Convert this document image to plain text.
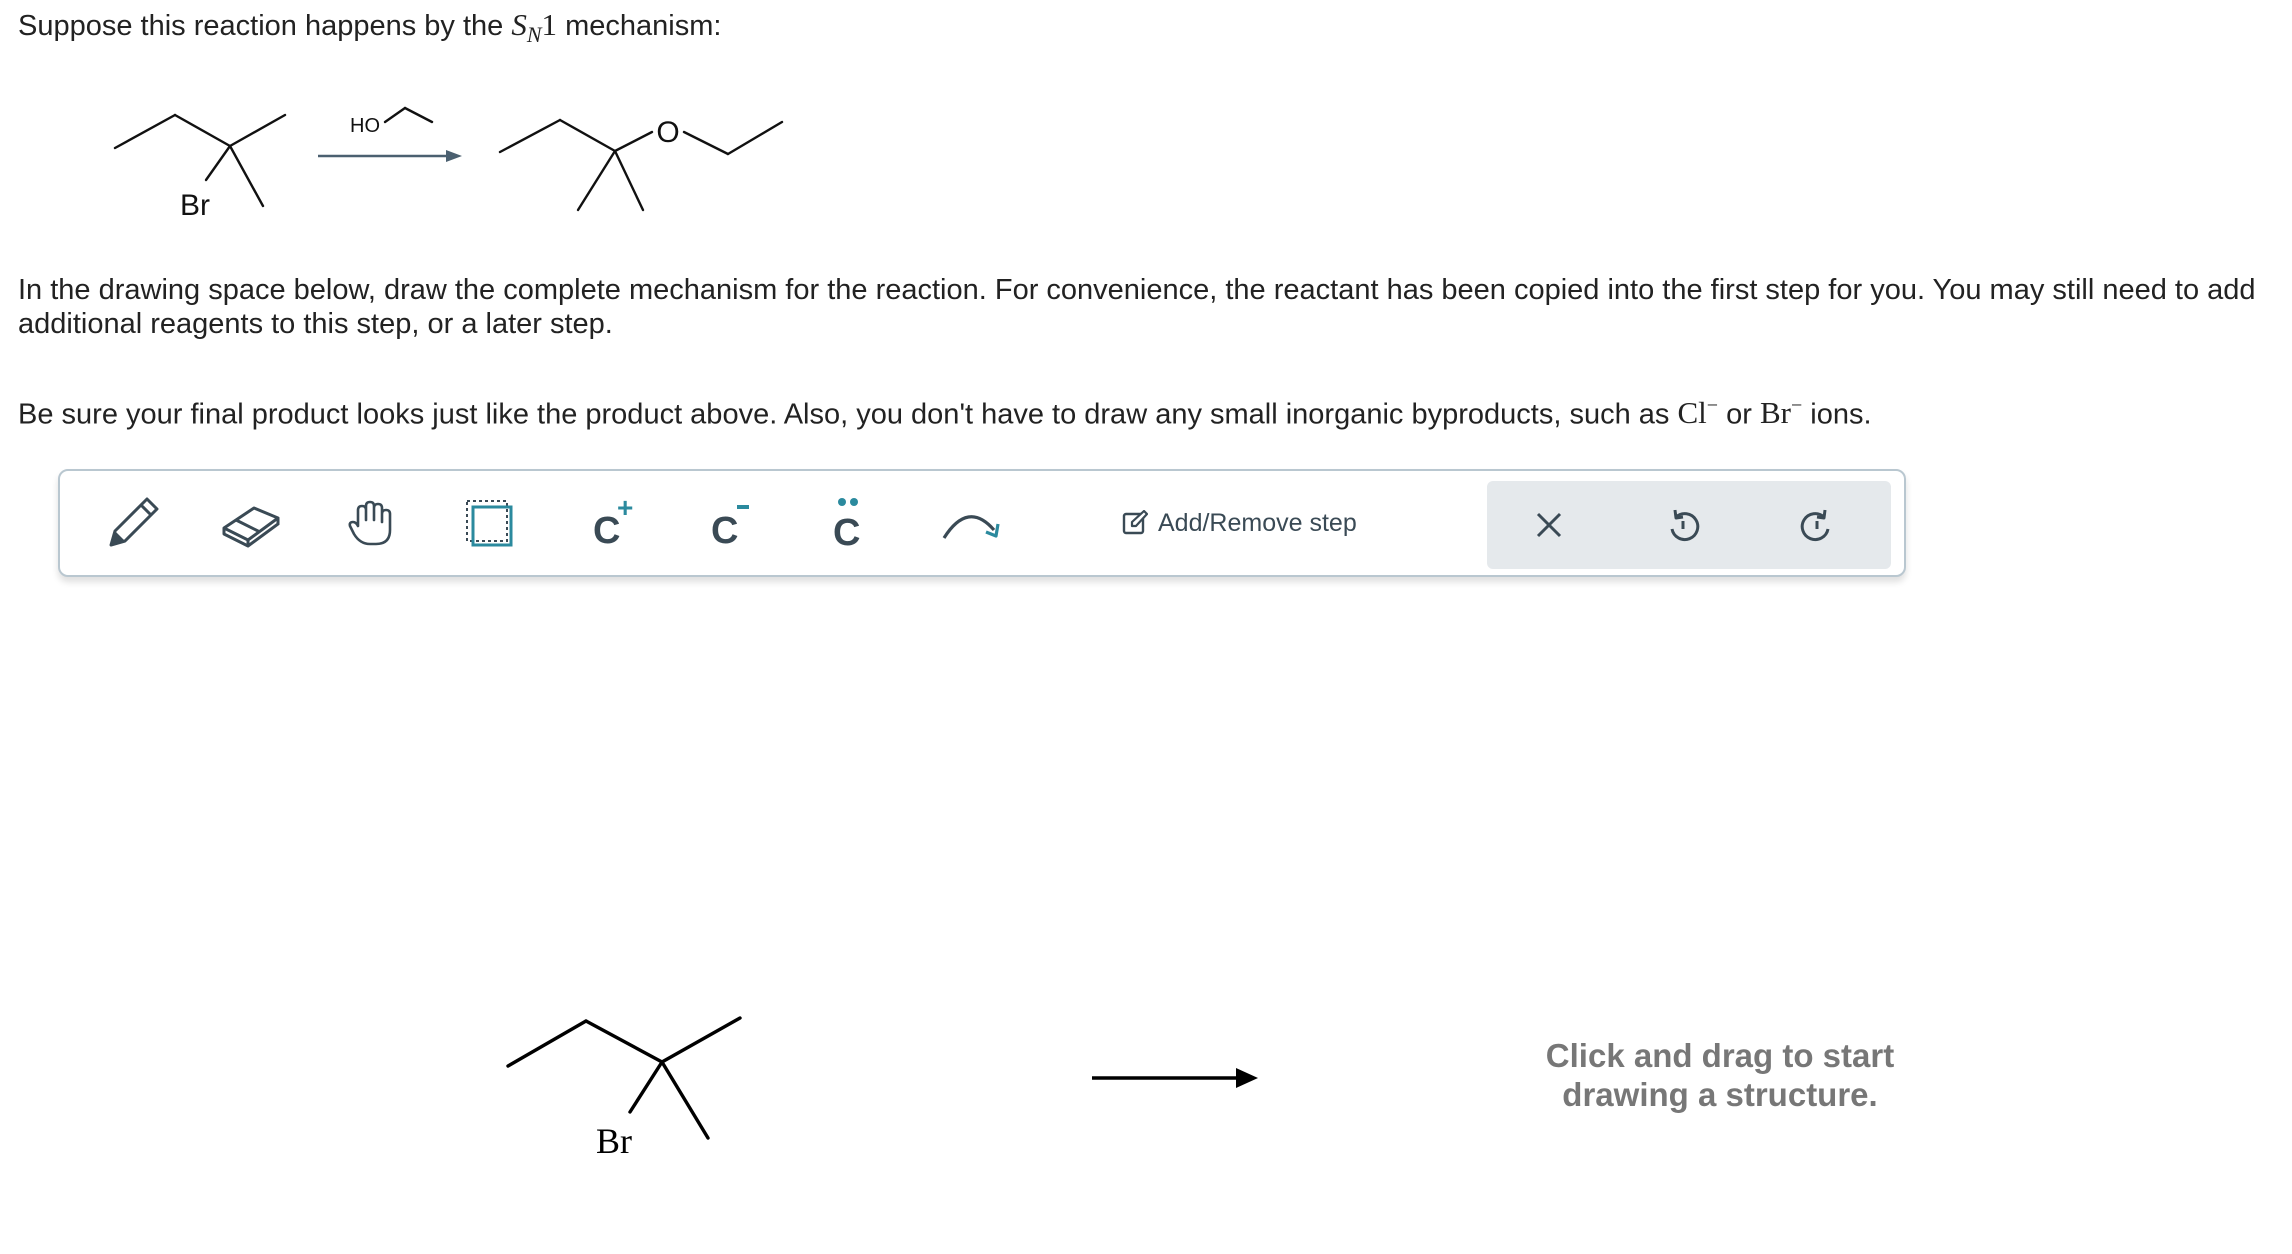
Suppose this reaction happens by the $S_N1$ mechanism:
Br
HO	O
In the drawing space below, draw the complete mechanism for the reaction. For convenience, the reactant has been copied into the first step for you. You may still need to add additional reagents to this step, or a later step.
Be sure your final product looks just like the product above. Also, you don't have to draw any small inorganic byproducts, such as Cl− or Br− ions.
C
+
C C	Add/Remove step
Br
Click and drag to start
drawing a structure.
